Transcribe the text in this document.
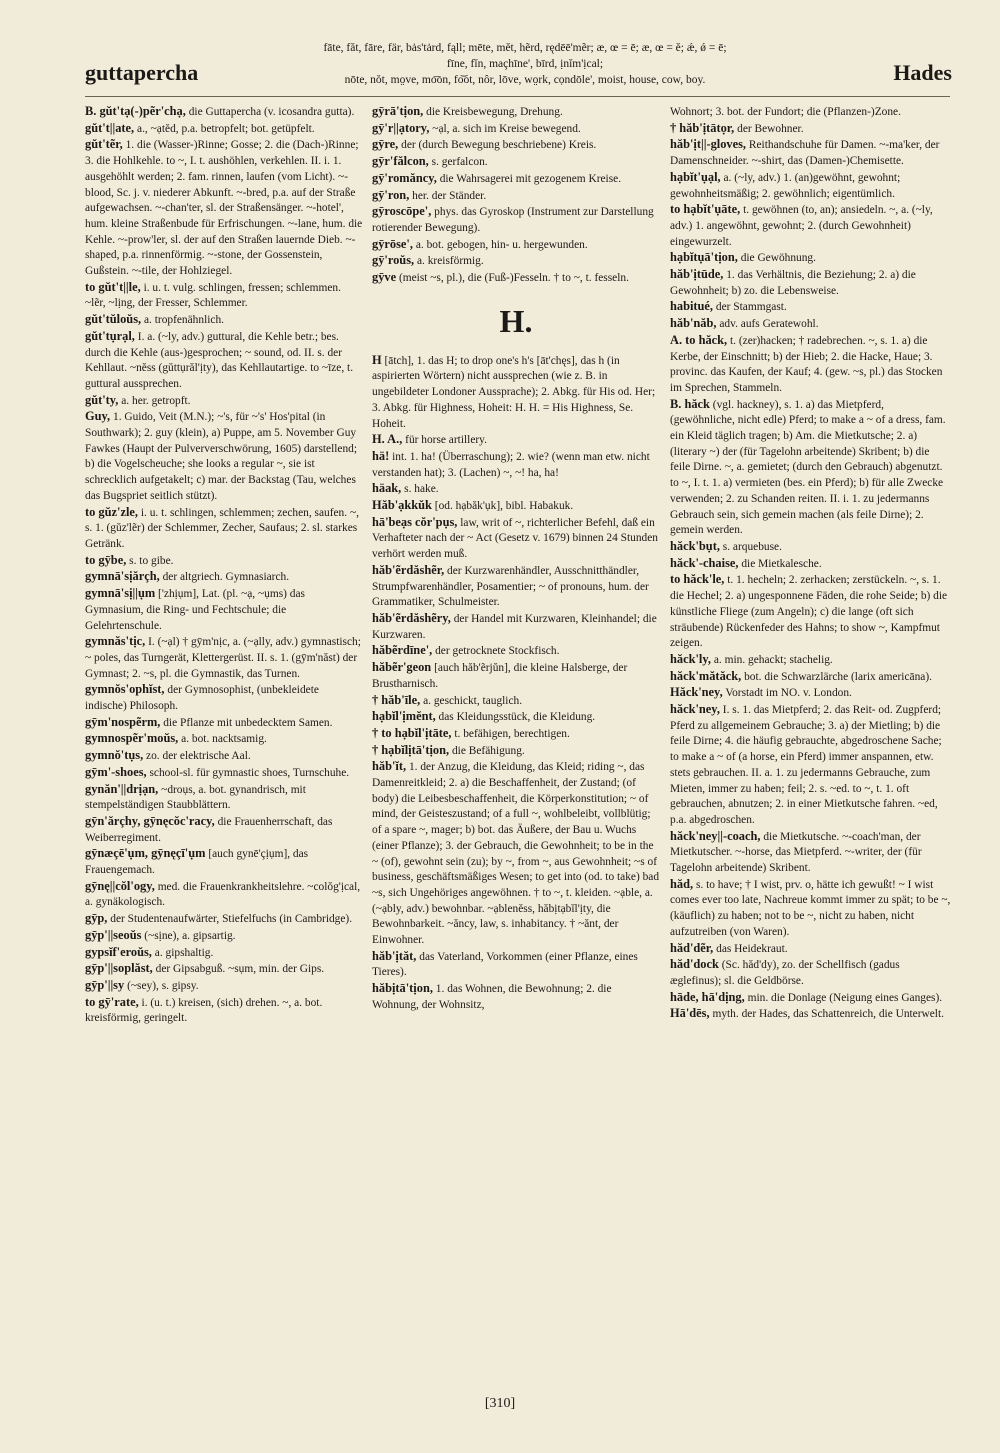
guttapercha
fāte, făt, fāre, fär, bȧs'tȧrd, fąll; mēte, mĕt, hẽrd, rędēē'mẽr; æ, œ = ē; æ, œ = ĕ; ǽ, ǿ = ē;
fīne, fĭn, maçhīne', bīrd, ịnĭm'ịcal;
nōte, nŏt, mo̤ve, mo͞on, fo͝ot, nôr, lōve, wo̤rk, cọndōle', moist, house, cow, boy.	Hades

B. gŭt'tạ(-)pẽr'chạ, die Guttapercha (v. icosandra gutta).

gŭt't||ate, a., ~ạtĕd, p.a. betropfelt; bot. getüpfelt.

gŭt'tẽr, 1. die (Wasser-)Rinne; Gosse; 2. die (Dach-)Rinne; 3. die Hohlkehle. to ~, I. t. aushöhlen, verkehlen. II. i. 1. ausgehöhlt werden; 2. fam. rinnen, laufen (vom Licht). ~-blood, Sc. j. v. niederer Abkunft. ~-bred, p.a. auf der Straße aufgewachsen. ~-chan'ter, sl. der Straßensänger. ~-hotel', hum. kleine Straßenbude für Erfrischungen. ~-lane, hum. die Kehle. ~-prow'ler, sl. der auf den Straßen lauernde Dieb. ~-shaped, p.a. rinnenförmig. ~-stone, der Gossenstein, Gußstein. ~-tile, der Hohlziegel.

to gŭt't||le, i. u. t. vulg. schlingen, fressen; schlemmen. ~lẽr, ~lịng, der Fresser, Schlemmer.

gŭt'tŭloŭs, a. tropfenähnlich.

gŭt'tụrạl, I. a. (~ly, adv.) guttural, die Kehle betr.; bes. durch die Kehle (aus-)gesprochen; ~ sound, od. II. s. der Kehllaut. ~nĕss (gŭttụrăl'ịty), das Kehllautartige. to ~īze, t. guttural aussprechen.

gŭt'ty, a. her. getropft.

Guy, 1. Guido, Veit (M.N.); ~'s, für ~'s' Hos'pital (in Southwark); 2. guy (klein), a) Puppe, am 5. November Guy Fawkes (Haupt der Pulververschwörung, 1605) darstellend; b) die Vogelscheuche; she looks a regular ~, sie ist schrecklich aufgetakelt; c) mar. der Backstag (Tau, welches das Bugspriet seitlich stützt).

to gŭz'zle, i. u. t. schlingen, schlemmen; zechen, saufen. ~, s. 1. (gŭz'lẽr) der Schlemmer, Zecher, Saufaus; 2. sl. starkes Getränk.

to gȳbe, s. to gibe.

gymnā'sịărçh, der altgriech. Gymnasiarch.

gymnā'sị||ụm ['zhịụm], Lat. (pl. ~ạ, ~ụms) das Gymnasium, die Ring- und Fechtschule; die Gelehrtenschule.

gymnăs'tịc, I. (~ạl) † gȳm'nịc, a. (~ạlly, adv.) gymnastisch; ~ poles, das Turngerät, Klettergerüst. II. s. 1. (gȳm'năst) der Gymnast; 2. ~s, pl. die Gymnastik, das Turnen.

gymnŏs'ophĭst, der Gymnosophist, (unbekleidete indische) Philosoph.

gȳm'nospẽrm, die Pflanze mit unbedecktem Samen.

gymnospẽr'moŭs, a. bot. nacktsamig.

gymnŏ'tụs, zo. der elektrische Aal.

gȳm'-shoes, school-sl. für gymnastic shoes, Turnschuhe.

gynăn'||drịạn, ~droụs, a. bot. gynandrisch, mit stempelständigen Staubblättern.

gȳn'ărçhy, gȳnęcŏc'racy, die Frauenherrschaft, das Weiberregiment.

gȳnæçē'ụm, gȳnęçī'ụm [auch gynē'çịụm], das Frauengemach.

gȳnę||cŏl'ogy, med. die Frauenkrankheitslehre. ~colŏg'ịcal, a. gynäkologisch.

gȳp, der Studentenaufwärter, Stiefelfuchs (in Cambridge).

gȳp'||seoŭs (~sịne), a. gipsartig.

gypsĭf'eroŭs, a. gipshaltig.

gȳp'||soplăst, der Gipsabguß. ~sụm, min. der Gips.

gȳp'||sy (~sey), s. gipsy.

to gȳ'rate, i. (u. t.) kreisen, (sich) drehen. ~, a. bot. kreisförmig, geringelt.

gȳrā'tịon, die Kreisbewegung, Drehung.

gȳ'r||ạtory, ~ạl, a. sich im Kreise bewegend.

gȳre, der (durch Bewegung beschriebene) Kreis.

gȳr'fălcon, s. gerfalcon.

gȳ'romăncy, die Wahrsagerei mit gezogenem Kreise.

gȳ'ron, her. der Ständer.

gȳroscōpe', phys. das Gyroskop (Instrument zur Darstellung rotierender Bewegung).

gȳrōse', a. bot. gebogen, hin- u. hergewunden.

gȳ'roŭs, a. kreisförmig.

gȳve (meist ~s, pl.), die (Fuß-)Fesseln. † to ~, t. fesseln.

H.

H [ātch], 1. das H; to drop one's h's [āt'chęs], das h (in aspirierten Wörtern) nicht aussprechen (wie z. B. in ungebildeter Londoner Aussprache); 2. Abkg. für His od. Her; 3. Abkg. für Highness, Hoheit: H. H. = His Highness, Se. Hoheit.

H. A., für horse artillery.

hä! int. 1. ha! (Überraschung); 2. wie? (wenn man etw. nicht verstanden hat); 3. (Lachen) ~, ~! ha, ha!

häak, s. hake.

Hăb'ạkkŭk [od. hạbăk'ụk], bibl. Habakuk.

hā'beạs cŏr'pụs, law, writ of ~, richterlicher Befehl, daß ein Verhafteter nach der ~ Act (Gesetz v. 1679) binnen 24 Stunden verhört werden muß.

hăb'ẽrdăshẽr, der Kurzwarenhändler, Ausschnitthändler, Strumpfwarenhändler, Posamentier; ~ of pronouns, hum. der Grammatiker, Schulmeister.

hăb'ẽrdăshẽry, der Handel mit Kurzwaren, Kleinhandel; die Kurzwaren.

hăbẽrdīne', der getrocknete Stockfisch.

hăbẽr'geon [auch hăb'ẽrjŭn], die kleine Halsberge, der Brustharnisch.

† hăb'īle, a. geschickt, tauglich.

hạbĭl'ịmĕnt, das Kleidungsstück, die Kleidung.

† to hạbĭl'ịtāte, t. befähigen, berechtigen.

† hạbĭlịtā'tịon, die Befähigung.

hăb'ĭt, 1. der Anzug, die Kleidung, das Kleid; riding ~, das Damenreitkleid; 2. a) die Beschaffenheit, der Zustand; (of body) die Leibesbeschaffenheit, die Körperkonstitution; ~ of mind, der Geisteszustand; of a full ~, wohlbeleibt, vollblütig; of a spare ~, mager; b) bot. das Äußere, der Bau u. Wuchs (einer Pflanze); 3. der Gebrauch, die Gewohnheit; to be in the ~ (of), gewohnt sein (zu); by ~, from ~, aus Gewohnheit; ~s of business, geschäftsmäßiges Wesen; to get into (od. to take) bad ~s, sich Ungehöriges angewöhnen. † to ~, t. kleiden. ~ạble, a. (~ạbly, adv.) bewohnbar. ~ạblenĕss, hăbịtạbĭl'ịty, die Bewohnbarkeit. ~ăncy, law, s. inhabitancy. † ~ănt, der Einwohner.

hăb'ịtăt, das Vaterland, Vorkommen (einer Pflanze, eines Tieres).

hăbịtā'tịon, 1. das Wohnen, die Bewohnung; 2. die Wohnung, der Wohnsitz,

Wohnort; 3. bot. der Fundort; die (Pflanzen-)Zone.

† hăb'ịtātọr, der Bewohner.

hăb'ịt||-gloves, Reithandschuhe für Damen. ~-ma'ker, der Damenschneider. ~-shirt, das (Damen-)Chemisette.

hạbĭt'ụạl, a. (~ly, adv.) 1. (an)gewöhnt, gewohnt; gewohnheitsmäßig; 2. gewöhnlich; eigentümlich.

to hạbĭt'ụāte, t. gewöhnen (to, an); ansiedeln. ~, a. (~ly, adv.) 1. angewöhnt, gewohnt; 2. (durch Gewohnheit) eingewurzelt.

hạbĭtụā'tịon, die Gewöhnung.

hăb'ịtūde, 1. das Verhältnis, die Beziehung; 2. a) die Gewohnheit; b) zo. die Lebensweise.

habitué, der Stammgast.

hăb'năb, adv. aufs Geratewohl.

A. to hăck, t. (zer)hacken; † radebrechen. ~, s. 1. a) die Kerbe, der Einschnitt; b) der Hieb; 2. die Hacke, Haue; 3. provinc. das Kaufen, der Kauf; 4. (gew. ~s, pl.) das Stocken im Sprechen, Stammeln.

B. hăck (vgl. hackney), s. 1. a) das Mietpferd, (gewöhnliche, nicht edle) Pferd; to make a ~ of a dress, fam. ein Kleid täglich tragen; b) Am. die Mietkutsche; 2. a) (literary ~) der (für Tagelohn arbeitende) Skribent; b) die feile Dirne. ~, a. gemietet; (durch den Gebrauch) abgenutzt. to ~, I. t. 1. a) vermieten (bes. ein Pferd); b) für alle Zwecke verwenden; 2. zu Schanden reiten. II. i. 1. zu jedermanns Gebrauch sein, sich gemein machen (als feile Dirne); 2. gemein werden.

hăck'bụt, s. arquebuse.

hăck'-chaise, die Mietkalesche.

to hăck'le, t. 1. hecheln; 2. zerhacken; zerstückeln. ~, s. 1. die Hechel; 2. a) ungesponnene Fäden, die rohe Seide; b) die künstliche Fliege (zum Angeln); c) die lange (oft sich sträubende) Rückenfeder des Hahns; to show ~, Kampfmut zeigen.

hăck'ly, a. min. gehackt; stachelig.

hăck'mătăck, bot. die Schwarzlärche (larix americāna).

Hăck'ney, Vorstadt im NO. v. London.

hăck'ney, I. s. 1. das Mietpferd; 2. das Reit- od. Zugpferd; Pferd zu allgemeinem Gebrauche; 3. a) der Mietling; b) die feile Dirne; 4. die häufig gebrauchte, abgedroschene Sache; to make a ~ of (a horse, ein Pferd) immer anspannen, etw. stets gebrauchen. II. a. 1. zu jedermanns Gebrauche, zum Mieten, immer zu haben; feil; 2. s. ~ed. to ~, t. 1. oft gebrauchen, abnutzen; 2. in einer Mietkutsche fahren. ~ed, p.a. abgedroschen.

hăck'ney||-coach, die Mietkutsche. ~-coach'man, der Mietkutscher. ~-horse, das Mietpferd. ~-writer, der (für Tagelohn arbeitende) Skribent.

hăd, s. to have; † I wist, prv. o, hätte ich gewußt! ~ I wist comes ever too late, Nachreue kommt immer zu spät; to be ~, (käuflich) zu haben; not to be ~, nicht zu haben, nicht aufzutreiben (von Waren).

hăd'dẽr, das Heidekraut.

hăd'dock (Sc. hăd'dy), zo. der Schellfisch (gadus æglefinus); sl. die Geldbörse.

hāde, hā'dịng, min. die Donlage (Neigung eines Ganges).

Hā'dēs, myth. der Hades, das Schattenreich, die Unterwelt.

[310]
